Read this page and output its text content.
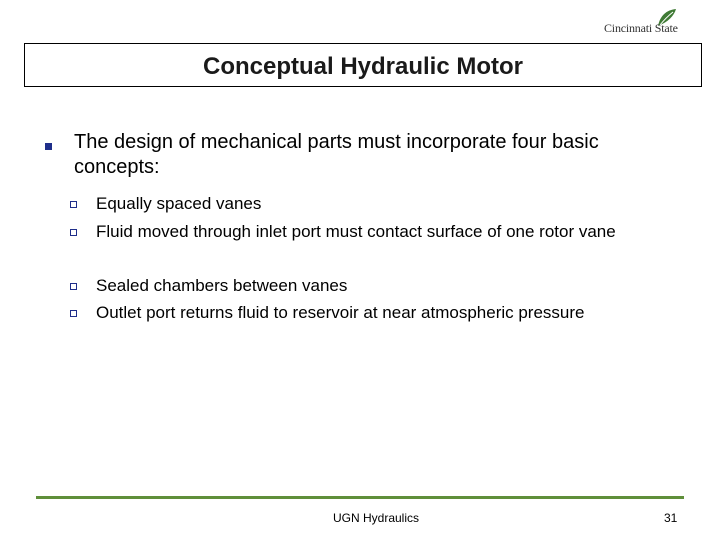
Cincinnati State
Conceptual Hydraulic Motor
The design of mechanical parts must incorporate four basic concepts:
Equally spaced vanes
Fluid moved through inlet port must contact surface of one rotor vane
Sealed chambers between vanes
Outlet port returns fluid to reservoir at near atmospheric pressure
UGN Hydraulics	31
